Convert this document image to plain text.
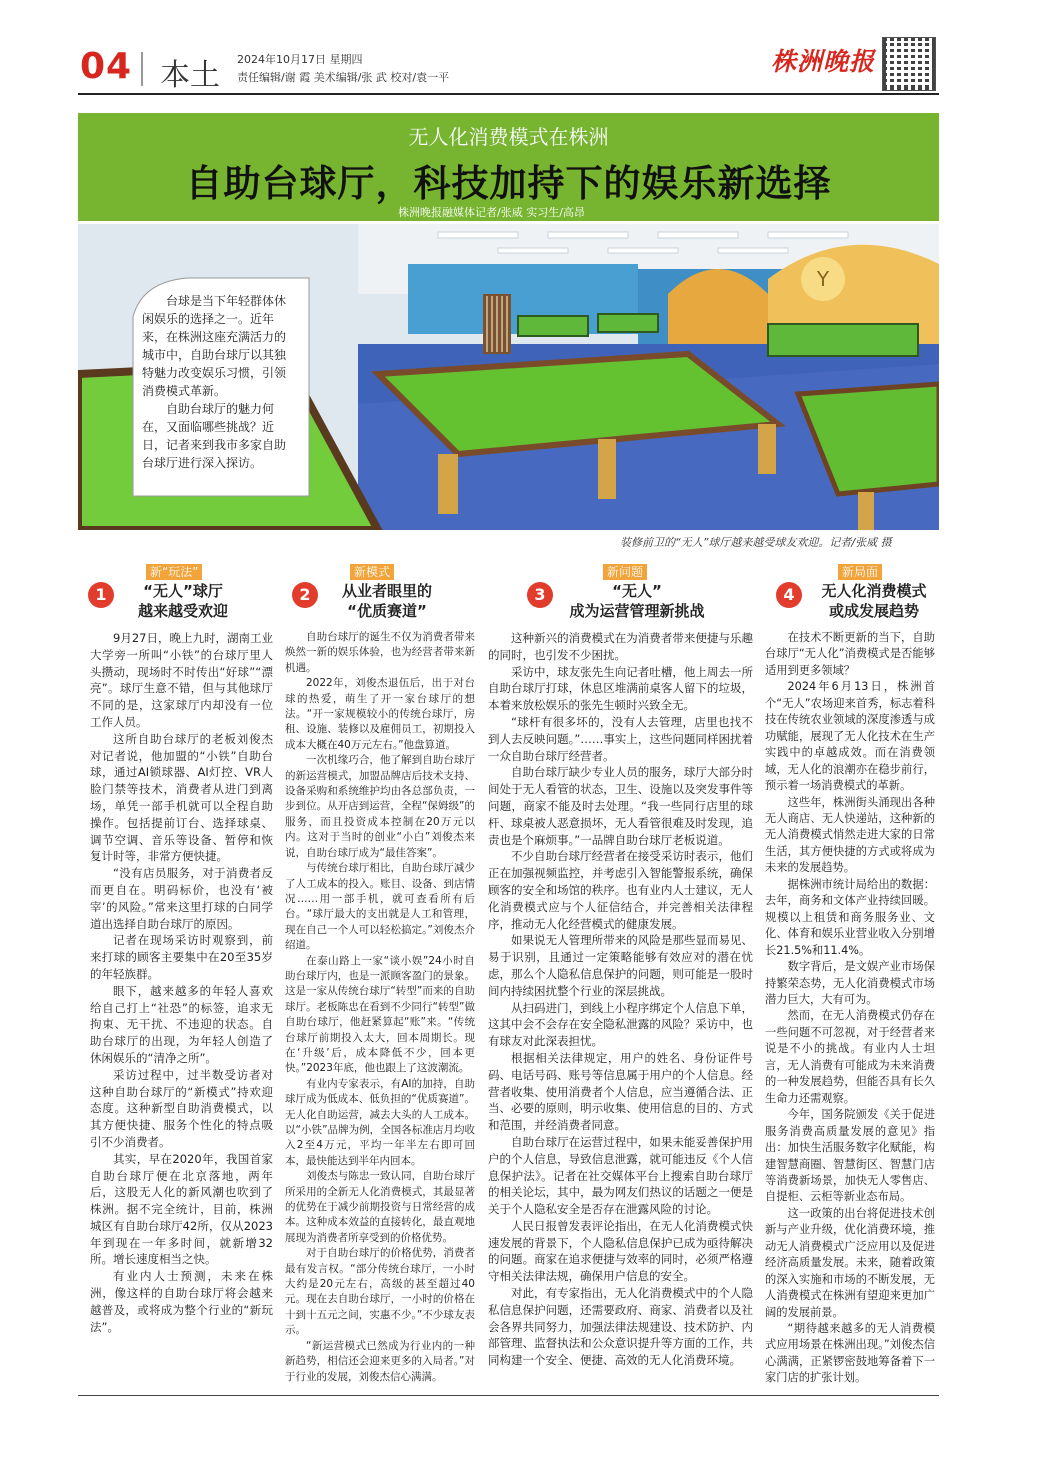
04 本土 2024年10月17日 星期四
责任编辑/谢 霞 美术编辑/张 武 校对/袁一平
株洲晚报
无人化消费模式在株洲
自助台球厅，科技加持下的娱乐新选择
株洲晚报融媒体记者/张威 实习生/高昂
Y
装修前卫的“无人”球厅越来越受球友欢迎。记者/张威 摄

台球是当下年轻群体休闲娱乐的选择之一。近年来，在株洲这座充满活力的城市中，自助台球厅以其独特魅力改变娱乐习惯，引领消费模式革新。

自助台球厅的魅力何在，又面临哪些挑战？近日，记者来到我市多家自助台球厅进行深入探访。

新“玩法”
1	“无人”球厅
越来越受欢迎
新模式
2	从业者眼里的
“优质赛道”
新问题
3	“无人”
成为运营管理新挑战
新局面
4	无人化消费模式
或成发展趋势

9月27日，晚上九时，湖南工业大学旁一所叫“小铁”的台球厅里人头攒动，现场时不时传出“好球”“漂亮”。球厅生意不错，但与其他球厅不同的是，这家球厅内却没有一位工作人员。

这所自助台球厅的老板刘俊杰对记者说，他加盟的“小铁”自助台球，通过AI锁球器、AI灯控、VR人脸门禁等技术，消费者从进门到离场，单凭一部手机就可以全程自助操作。包括提前订台、选择球桌、调节空调、音乐等设备、暂停和恢复计时等，非常方便快捷。

“没有店员服务，对于消费者反而更自在。明码标价，也没有‘被宰’的风险。”常来这里打球的白同学道出选择自助台球厅的原因。

记者在现场采访时观察到，前来打球的顾客主要集中在20至35岁的年轻族群。

眼下，越来越多的年轻人喜欢给自己打上“社恐”的标签，追求无拘束、无干扰、不违迎的状态。自助台球厅的出现，为年轻人创造了休闲娱乐的“清净之所”。

采访过程中，过半数受访者对这种自助台球厅的“新模式”持欢迎态度。这种新型自助消费模式，以其方便快捷、服务个性化的特点吸引不少消费者。

其实，早在2020年，我国首家自助台球厅便在北京落地，两年后，这股无人化的新风潮也吹到了株洲。据不完全统计，目前，株洲城区有自助台球厅42所，仅从2023年到现在一年多时间，就新增32所。增长速度相当之快。

有业内人士预测，未来在株洲，像这样的自助台球厅将会越来越普及，或将成为整个行业的“新玩法”。

自助台球厅的诞生不仅为消费者带来焕然一新的娱乐体验，也为经营者带来新机遇。

2022年，刘俊杰退伍后，出于对台球的热爱，萌生了开一家台球厅的想法。“开一家规模较小的传统台球厅，房租、设施、装修以及雇佣员工，初期投入成本大概在40万元左右。”他盘算道。

一次机缘巧合，他了解到自助台球厅的新运营模式，加盟品牌店后技术支持、设备采购和系统维护均由各总部负责，一步到位。从开店到运营，全程“保姆级”的服务，而且投资成本控制在20万元以内。这对于当时的创业“小白”刘俊杰来说，自助台球厅成为“最佳答案”。

与传统台球厅相比，自助台球厅减少了人工成本的投入。账目、设备、到店情况……用一部手机，就可查看所有后台。“球厅最大的支出就是人工和管理，现在自己一个人可以轻松搞定。”刘俊杰介绍道。

在泰山路上一家“谈小娱”24小时自助台球厅内，也是一派顾客盈门的景象。这是一家从传统台球厅“转型”而来的自助球厅。老板陈忠在看到不少同行“转型”做自助台球厅，他赶紧算起“账”来。“传统台球厅前期投入太大，回本周期长。现在‘升级’后，成本降低不少，回本更快。”2023年底，他也跟上了这波潮流。

有业内专家表示，有AI的加持，自助球厅成为低成本、低负担的“优质赛道”。无人化自助运营，减去大头的人工成本。以“小铁”品牌为例，全国各标准店月均收入2至4万元，平均一年半左右即可回本，最快能达到半年内回本。

刘俊杰与陈忠一致认同，自助台球厅所采用的全新无人化消费模式，其最显著的优势在于减少前期投资与日常经营的成本。这种成本效益的直接转化，最直观地展现为消费者所享受到的价格优势。

对于自助台球厅的价格优势，消费者最有发言权。“部分传统台球厅，一小时大约是20元左右，高级的甚至超过40元。现在去自助台球厅，一小时的价格在十到十五元之间，实惠不少。”不少球友表示。

“新运营模式已然成为行业内的一种新趋势，相信还会迎来更多的入局者。”对于行业的发展，刘俊杰信心满满。

这种新兴的消费模式在为消费者带来便捷与乐趣的同时，也引发不少困扰。

采访中，球友张先生向记者吐槽，他上周去一所自助台球厅打球，休息区堆满前桌客人留下的垃圾，本着来放松娱乐的张先生顿时兴致全无。

“球杆有很多坏的，没有人去管理，店里也找不到人去反映问题。”……事实上，这些问题同样困扰着一众自助台球厅经营者。

自助台球厅缺少专业人员的服务，球厅大部分时间处于无人看管的状态，卫生、设施以及突发事件等问题，商家不能及时去处理。“我一些同行店里的球杆、球桌被人恶意损坏，无人看管很难及时发现，追责也是个麻烦事。”一品牌自助台球厅老板说道。

不少自助台球厅经营者在接受采访时表示，他们正在加强视频监控，并考虑引入智能警报系统，确保顾客的安全和场馆的秩序。也有业内人士建议，无人化消费模式应与个人征信结合，并完善相关法律程序，推动无人化经营模式的健康发展。

如果说无人管理所带来的风险是那些显而易见、易于识别，且通过一定策略能够有效应对的潜在忧虑，那么个人隐私信息保护的问题，则可能是一股时间内持续困扰整个行业的深层挑战。

从扫码进门，到线上小程序绑定个人信息下单，这其中会不会存在安全隐私泄露的风险？采访中，也有球友对此深表担忧。

根据相关法律规定，用户的姓名、身份证件号码、电话号码、账号等信息属于用户的个人信息。经营者收集、使用消费者个人信息，应当遵循合法、正当、必要的原则，明示收集、使用信息的目的、方式和范围，并经消费者同意。

自助台球厅在运营过程中，如果未能妥善保护用户的个人信息，导致信息泄露，就可能违反《个人信息保护法》。记者在社交媒体平台上搜索自助台球厅的相关论坛，其中，最为网友们热议的话题之一便是关于个人隐私安全是否存在泄露风险的讨论。

人民日报曾发表评论指出，在无人化消费模式快速发展的背景下，个人隐私信息保护已成为亟待解决的问题。商家在追求便捷与效率的同时，必须严格遵守相关法律法规，确保用户信息的安全。

对此，有专家指出，无人化消费模式中的个人隐私信息保护问题，还需要政府、商家、消费者以及社会各界共同努力，加强法律法规建设、技术防护、内部管理、监督执法和公众意识提升等方面的工作，共同构建一个安全、便捷、高效的无人化消费环境。

在技术不断更新的当下，自助台球厅“无人化”消费模式是否能够适用到更多领域？

2024年6月13日，株洲首个“无人”农场迎来首秀，标志着科技在传统农业领域的深度渗透与成功赋能，展现了无人化技术在生产实践中的卓越成效。而在消费领域，无人化的浪潮亦在稳步前行，预示着一场消费模式的革新。

这些年，株洲街头涌现出各种无人商店、无人快递站，这种新的无人消费模式悄然走进大家的日常生活，其方便快捷的方式或将成为未来的发展趋势。

据株洲市统计局给出的数据：去年，商务和文体产业持续回暖。规模以上租赁和商务服务业、文化、体育和娱乐业营业收入分别增长21.5%和11.4%。

数字背后，是文娱产业市场保持繁荣态势，无人化消费模式市场潜力巨大，大有可为。

然而，在无人消费模式仍存在一些问题不可忽视，对于经营者来说是不小的挑战。有业内人士坦言，无人消费有可能成为未来消费的一种发展趋势，但能否具有长久生命力还需观察。

今年，国务院颁发《关于促进服务消费高质量发展的意见》指出：加快生活服务数字化赋能，构建智慧商圈、智慧街区、智慧门店等消费新场景，加快无人零售店、自提柜、云柜等新业态布局。

这一政策的出台将促进技术创新与产业升级，优化消费环境，推动无人消费模式广泛应用以及促进经济高质量发展。未来，随着政策的深入实施和市场的不断发展，无人消费模式在株洲有望迎来更加广阔的发展前景。

“期待越来越多的无人消费模式应用场景在株洲出现。”刘俊杰信心满满，正紧锣密鼓地筹备着下一家门店的扩张计划。
